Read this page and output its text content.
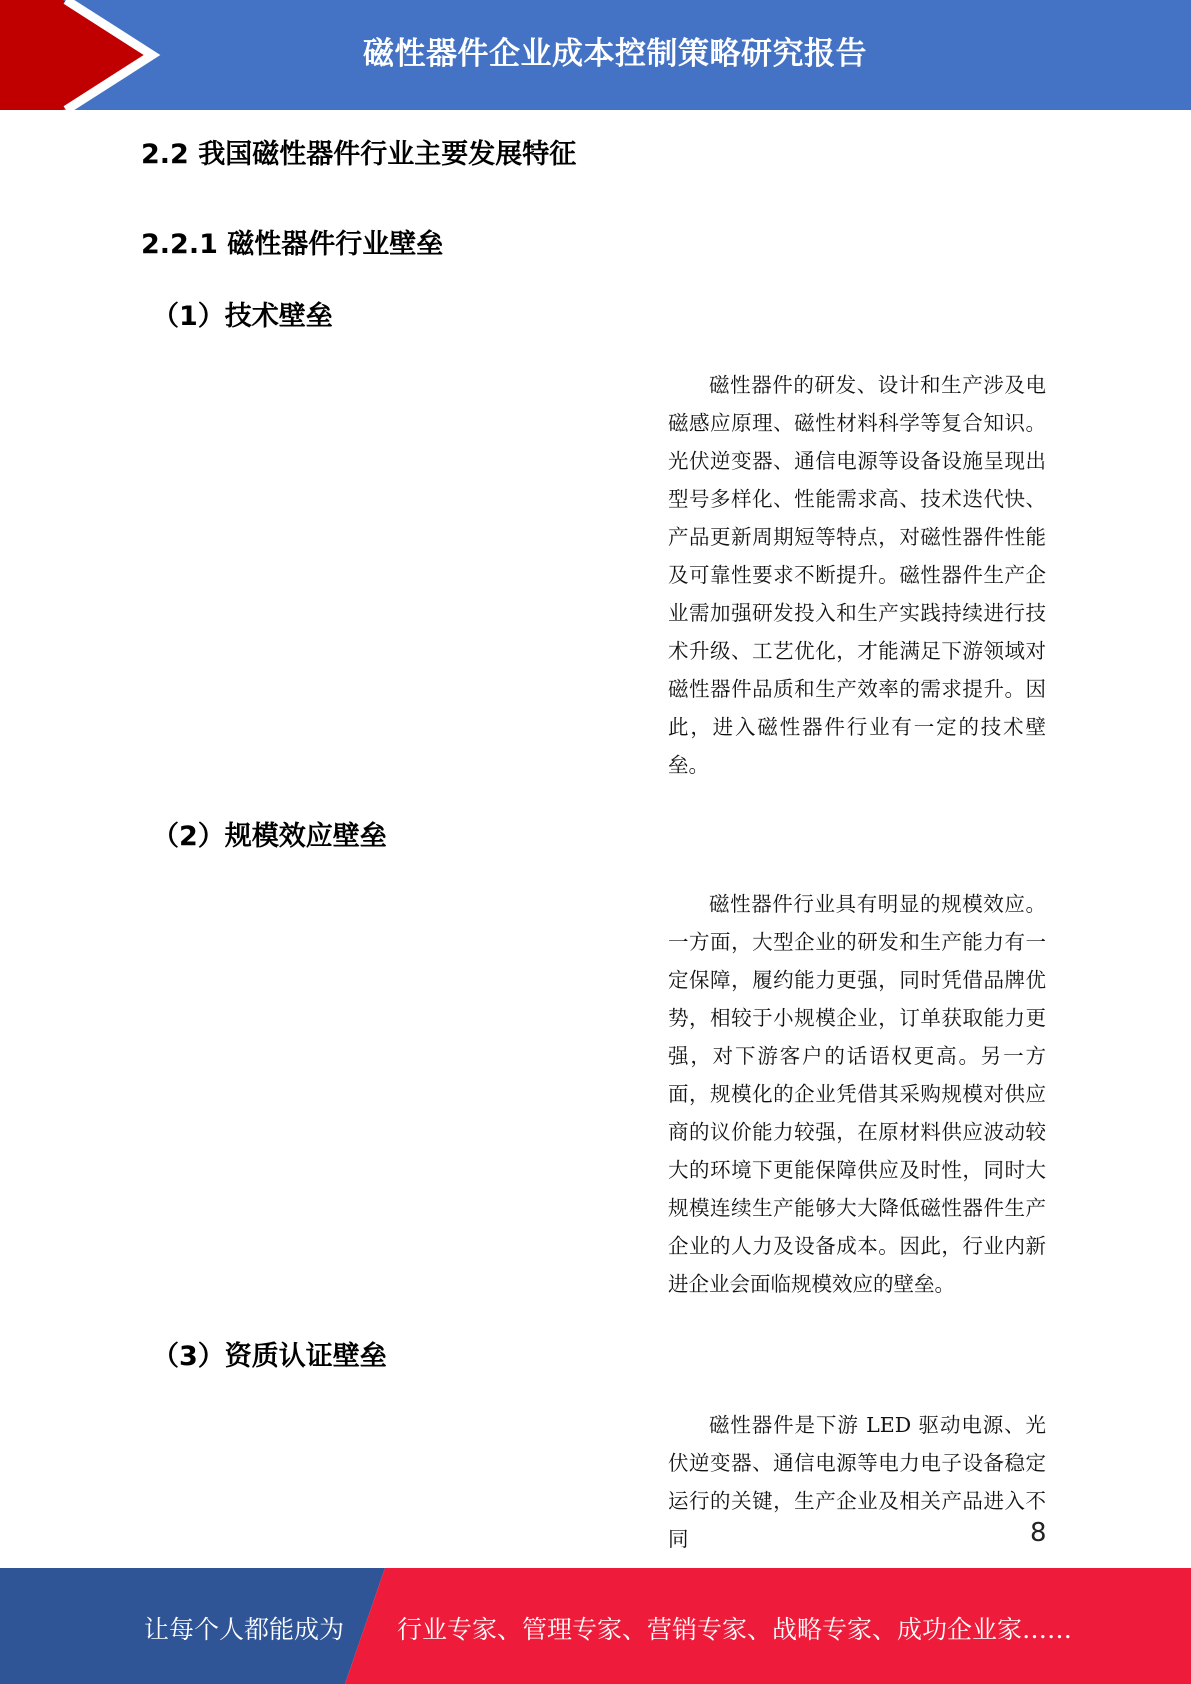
磁性器件企业成本控制策略研究报告
2.2 我国磁性器件行业主要发展特征
2.2.1 磁性器件行业壁垒
（1）技术壁垒

磁性器件的研发、设计和生产涉及电磁感应原理、磁性材料科学等复合知识。光伏逆变器、通信电源等设备设施呈现出型号多样化、性能需求高、技术迭代快、产品更新周期短等特点，对磁性器件性能及可靠性要求不断提升。磁性器件生产企业需加强研发投入和生产实践持续进行技术升级、工艺优化，才能满足下游领域对磁性器件品质和生产效率的需求提升。因此，进入磁性器件行业有一定的技术壁垒。

（2）规模效应壁垒

磁性器件行业具有明显的规模效应。一方面，大型企业的研发和生产能力有一定保障，履约能力更强，同时凭借品牌优势，相较于小规模企业，订单获取能力更强，对下游客户的话语权更高。另一方面，规模化的企业凭借其采购规模对供应商的议价能力较强，在原材料供应波动较大的环境下更能保障供应及时性，同时大规模连续生产能够大大降低磁性器件生产企业的人力及设备成本。因此，行业内新进企业会面临规模效应的壁垒。

（3）资质认证壁垒

磁性器件是下游 LED 驱动电源、光伏逆变器、通信电源等电力电子设备稳定运行的关键，生产企业及相关产品进入不同	8
让每个人都能成为 行业专家、管理专家、营销专家、战略专家、成功企业家……
